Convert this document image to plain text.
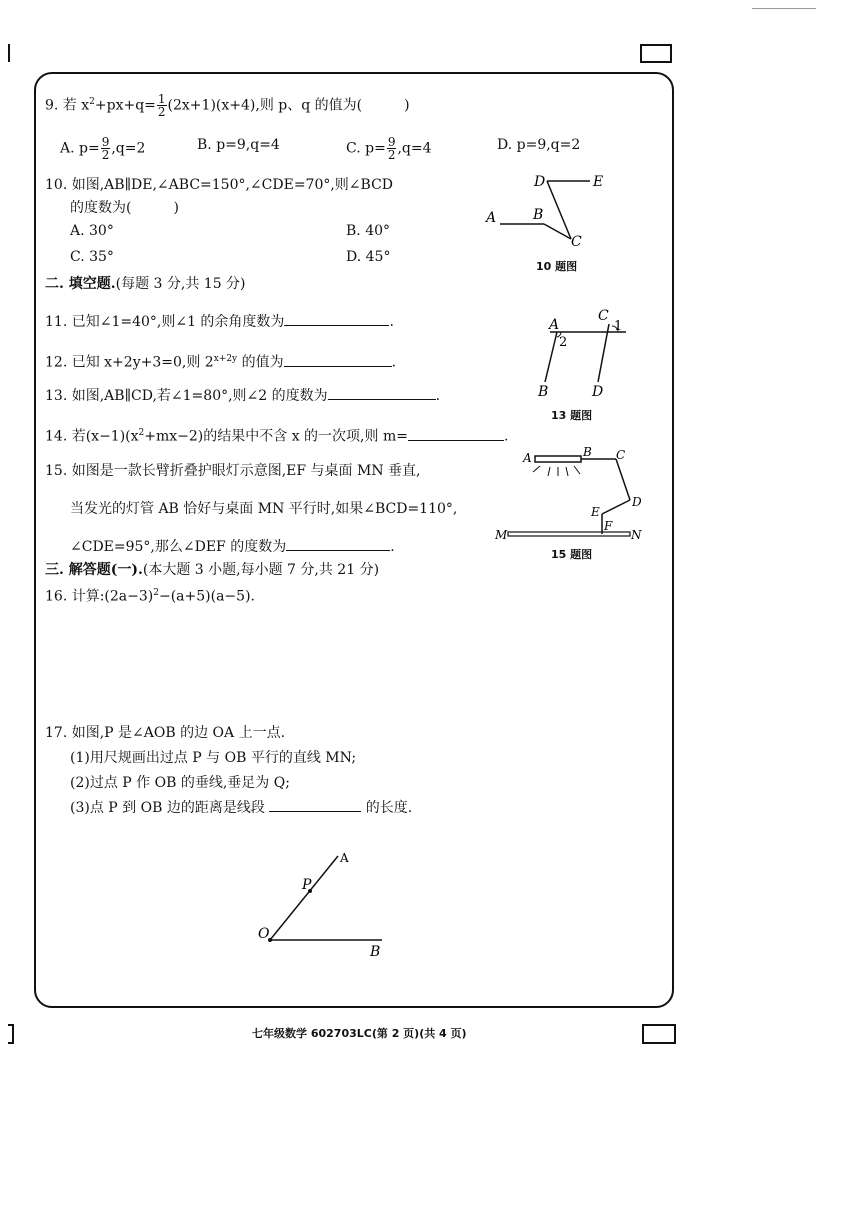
9. 若 $x^2+px+q= \frac{1}{2} (2x+1)(x+4)$,则 p、q 的值为(　　　)
A. $p= \frac{9}{2} ,q=2$	B. p=9,q=4	C. $p= \frac{9}{2} ,q=4$	D. p=9,q=2
10. 如图,AB∥DE,∠ABC=150°,∠CDE=70°,则∠BCD
的度数为(　　　)
A. 30°	B. 40°
C. 35°	D. 45°
D	E
A	B
C
10 题图
二. 填空题.(每题 3 分,共 15 分)
11. 已知∠1=40°,则∠1 的余角度数为	.
12. 已知 x+2y+3=0,则 $2^{x+2y}$ 的值为	.
13. 如图,AB∥CD,若∠1=80°,则∠2 的度数为	.
A
C
1
2
B	D
13 题图
14. 若$(x-1)(x^2+mx-2)$的结果中不含 x 的一次项,则 m=	.
15. 如图是一款长臂折叠护眼灯示意图,EF 与桌面 MN 垂直,
当发光的灯管 AB 恰好与桌面 MN 平行时,如果∠BCD=110°,
∠CDE=95°,那么∠DEF 的度数为	.
A	B C
D
E
F
M	N
15 题图
三. 解答题(一).(本大题 3 小题,每小题 7 分,共 21 分)
16. 计算$:(2a-3)^2-(a+5)(a-5)$.
17. 如图,P 是∠AOB 的边 OA 上一点.
(1)用尺规画出过点 P 与 OB 平行的直线 MN;
(2)过点 P 作 OB 的垂线,垂足为 Q;
(3)点 P 到 OB 边的距离是线段	的长度.
A
P
O
B
七年级数学 602703LC(第 2 页)(共 4 页)
